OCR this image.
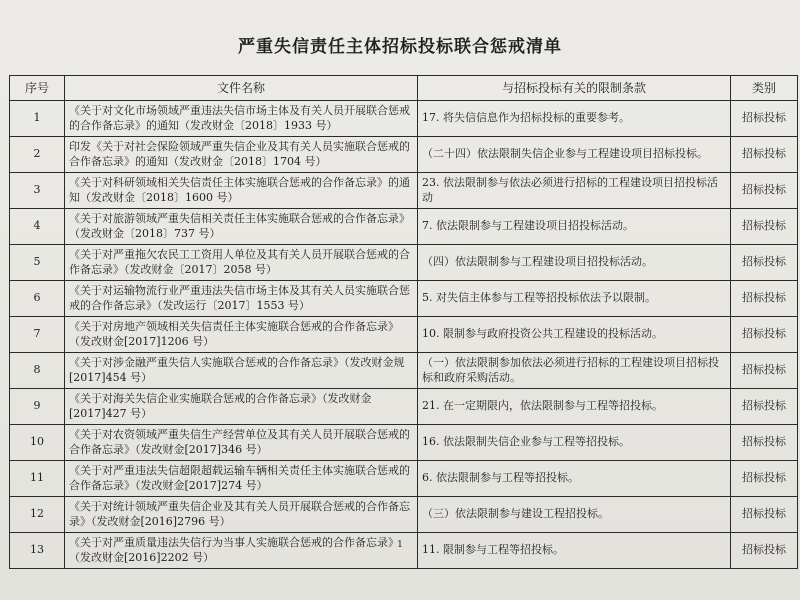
严重失信责任主体招标投标联合惩戒清单
序号	文件名称	与招标投标有关的限制条款	类别
1	《关于对文化市场领域严重违法失信市场主体及有关人员开展联合惩戒的合作备忘录》的通知（发改财金〔2018〕1933 号）	17. 将失信信息作为招标投标的重要参考。	招标投标
2	印发《关于对社会保险领域严重失信企业及其有关人员实施联合惩戒的合作备忘录》的通知（发改财金〔2018〕1704 号）	（二十四）依法限制失信企业参与工程建设项目招标投标。	招标投标
3	《关于对科研领域相关失信责任主体实施联合惩戒的合作备忘录》的通知（发改财金〔2018〕1600 号）	23. 依法限制参与依法必须进行招标的工程建设项目招投标活动	招标投标
4	《关于对旅游领域严重失信相关责任主体实施联合惩戒的合作备忘录》（发改财金〔2018〕737 号）	7. 依法限制参与工程建设项目招投标活动。	招标投标
5	《关于对严重拖欠农民工工资用人单位及其有关人员开展联合惩戒的合作备忘录》（发改财金〔2017〕2058 号）	（四）依法限制参与工程建设项目招投标活动。	招标投标
6	《关于对运输物流行业严重违法失信市场主体及其有关人员实施联合惩戒的合作备忘录》（发改运行〔2017〕1553 号）	5. 对失信主体参与工程等招投标依法予以限制。	招标投标
7	《关于对房地产领域相关失信责任主体实施联合惩戒的合作备忘录》（发改财金[2017]1206 号）	10. 限制参与政府投资公共工程建设的投标活动。	招标投标
8	《关于对涉金融严重失信人实施联合惩戒的合作备忘录》（发改财金规[2017]454 号）	（一）依法限制参加依法必须进行招标的工程建设项目招标投标和政府采购活动。	招标投标
9	《关于对海关失信企业实施联合惩戒的合作备忘录》（发改财金[2017]427 号）	21. 在一定期限内，依法限制参与工程等招投标。	招标投标
10	《关于对农资领域严重失信生产经营单位及其有关人员开展联合惩戒的合作备忘录》（发改财金[2017]346 号）	16. 依法限制失信企业参与工程等招投标。	招标投标
11	《关于对严重违法失信超限超载运输车辆相关责任主体实施联合惩戒的合作备忘录》（发改财金[2017]274 号）	6. 依法限制参与工程等招投标。	招标投标
12	《关于对统计领域严重失信企业及其有关人员开展联合惩戒的合作备忘录》（发改财金[2016]2796 号）	（三）依法限制参与建设工程招投标。	招标投标
13	《关于对严重质量违法失信行为当事人实施联合惩戒的合作备忘录》（发改财金[2016]2202 号）	11. 限制参与工程等招投标。	招标投标
1
